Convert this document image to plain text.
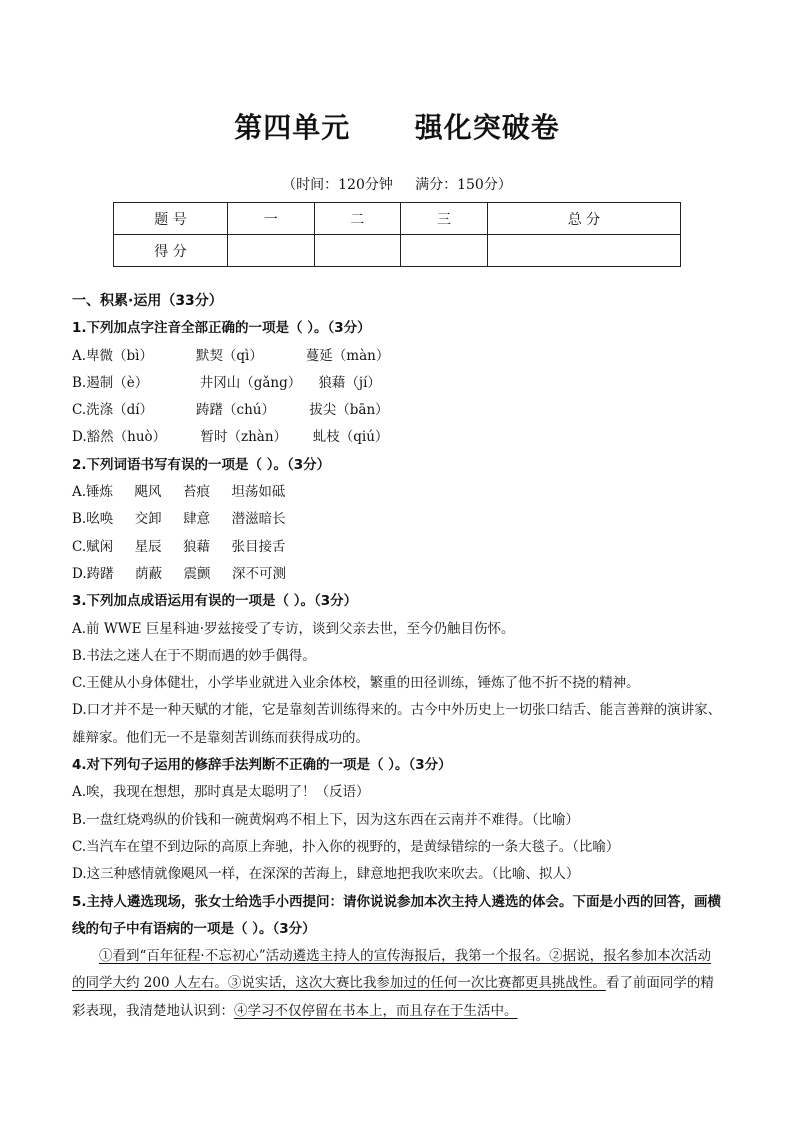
第四单元      强化突破卷
（时间：120分钟     满分：150分）
题 号	一	二	三	总 分
得 分				
一、积累·运用（33分）
1.下列加点字注音全部正确的一项是（ ）。（3分）
A.卑微（bì）          默契（qì）          蔓延（màn）
B.遏制（è）            井冈山（gǎng）    狼藉（jí）
C.洗涤（dí）          踌躇（chú）        拔尖（bān）
D.豁然（huò）        暂时（zhàn）      虬枝（qiú）
2.下列词语书写有误的一项是（ ）。（3分）
A.锤炼     飓风     苔痕     坦荡如砥
B.吆唤     交卸     肆意     潜滋暗长
C.赋闲     星辰     狼藉     张目接舌
D.踌躇     荫蔽     震颤     深不可测
3.下列加点成语运用有误的一项是（ ）。（3分）
A.前 WWE 巨星科迪·罗兹接受了专访，谈到父亲去世，至今仍触目伤怀。
B.书法之迷人在于不期而遇的妙手偶得。
C.王健从小身体健壮，小学毕业就进入业余体校，繁重的田径训练，锤炼了他不折不挠的精神。
D.口才并不是一种天赋的才能，它是靠刻苦训练得来的。古今中外历史上一切张口结舌、能言善辩的演讲家、雄辩家。他们无一不是靠刻苦训练而获得成功的。
4.对下列句子运用的修辞手法判断不正确的一项是（ ）。（3分）
A.唉，我现在想想，那时真是太聪明了！（反语）
B.一盘红烧鸡纵的价钱和一碗黄焖鸡不相上下，因为这东西在云南并不难得。（比喻）
C.当汽车在望不到边际的高原上奔驰，扑入你的视野的，是黄绿错综的一条大毯子。（比喻）
D.这三种感情就像飓风一样，在深深的苦海上，肆意地把我吹来吹去。（比喻、拟人）
5.主持人遴选现场，张女士给选手小西提问：请你说说参加本次主持人遴选的体会。下面是小西的回答，画横线的句子中有语病的一项是（ ）。（3分）
①看到“百年征程·不忘初心”活动遴选主持人的宣传海报后，我第一个报名。②据说，报名参加本次活动的同学大约 200 人左右。③说实话，这次大赛比我参加过的任何一次比赛都更具挑战性。看了前面同学的精彩表现，我清楚地认识到：④学习不仅停留在书本上，而且存在于生活中。
